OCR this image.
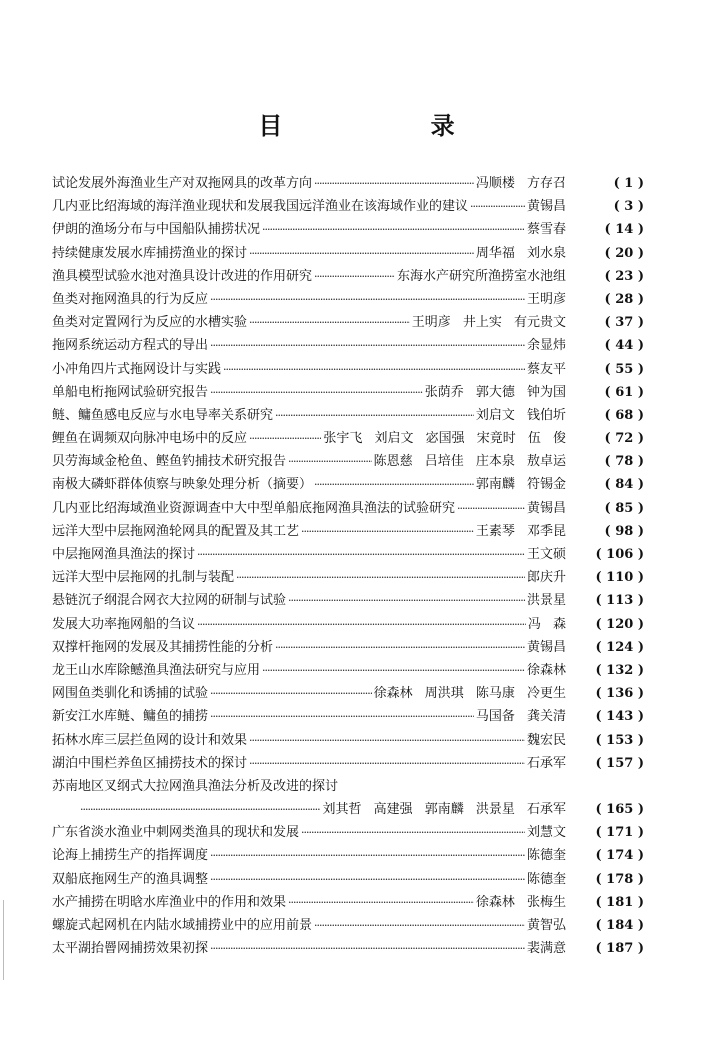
目 录
试论发展外海渔业生产对双拖网具的改革方向 ·····	冯顺楼 方存召	( 1 )
几内亚比绍海域的海洋渔业现状和发展我国远洋渔业在该海域作业的建议 ·····	黄锡昌	( 3 )
伊朗的渔场分布与中国船队捕捞状况 ·····	蔡雪春	( 14 )
持续健康发展水库捕捞渔业的探讨 ·····	周华福 刘水泉	( 20 )
渔具模型试验水池对渔具设计改进的作用研究 ·····	东海水产研究所渔捞室水池组	( 23 )
鱼类对拖网渔具的行为反应 ·····	王明彦	( 28 )
鱼类对定置网行为反应的水槽实验 ·····	王明彦 井上实 有元贵文	( 37 )
拖网系统运动方程式的导出 ·····	余显炜	( 44 )
小冲角四片式拖网设计与实践 ·····	蔡友平	( 55 )
单船电桁拖网试验研究报告 ·····	张荫乔 郭大德 钟为国	( 61 )
鲢、鳙鱼感电反应与水电导率关系研究 ·····	刘启文 钱伯圻	( 68 )
鲤鱼在调频双向脉冲电场中的反应 ·····	张宇飞 刘启文 宓国强 宋竟时 伍 俊	( 72 )
贝劳海域金枪鱼、鲣鱼钓捕技术研究报告 ·····	陈恩慈 吕培佳 庄本泉 敖卓运	( 78 )
南极大磷虾群体侦察与映象处理分析（摘要） ·····	郭南麟 符锡金	( 84 )
几内亚比绍海域渔业资源调查中大中型单船底拖网渔具渔法的试验研究 ·····	黄锡昌	( 85 )
远洋大型中层拖网渔轮网具的配置及其工艺 ·····	王素琴 邓季昆	( 98 )
中层拖网渔具渔法的探讨 ·····	王文硕	( 106 )
远洋大型中层拖网的扎制与装配 ·····	郎庆升	( 110 )
悬链沉子纲混合网衣大拉网的研制与试验 ·····	洪景星	( 113 )
发展大功率拖网船的刍议 ·····	冯 森	( 120 )
双撑杆拖网的发展及其捕捞性能的分析 ·····	黄锡昌	( 124 )
龙王山水库除鳡渔具渔法研究与应用 ·····	徐森林	( 132 )
网围鱼类驯化和诱捕的试验 ·····	徐森林 周洪琪 陈马康 冷更生	( 136 )
新安江水库鲢、鳙鱼的捕捞 ·····	马国备 龚关清	( 143 )
拓林水库三层拦鱼网的设计和效果 ·····	魏宏民	( 153 )
湖泊中围栏养鱼区捕捞技术的探讨 ·····	石承军	( 157 )
苏南地区叉纲式大拉网渔具渔法分析及改进的探讨
·····
刘其哲 高建强 郭南麟 洪景星 石承军	( 165 )
广东省淡水渔业中刺网类渔具的现状和发展 ·····	刘慧文	( 171 )
论海上捕捞生产的指挥调度 ·····	陈德奎	( 174 )
双船底拖网生产的渔具调整 ·····	陈德奎	( 178 )
水产捕捞在明晗水库渔业中的作用和效果 ·····	徐森林 张梅生	( 181 )
螺旋式起网机在内陆水域捕捞业中的应用前景 ·····	黄智弘	( 184 )
太平湖抬罾网捕捞效果初探 ·····	裴满意	( 187 )
